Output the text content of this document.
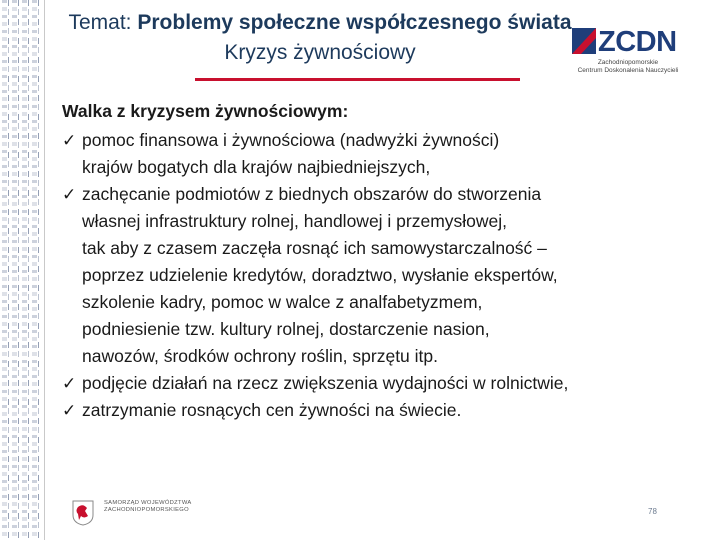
Temat: Problemy społeczne współczesnego świata
Kryzys żywnościowy	ZCDN
Zachodniopomorskie
Centrum Doskonalenia Nauczycieli
Walka z kryzysem żywnościowym:
✓ pomoc finansowa i żywnościowa (nadwyżki żywności)
krajów bogatych dla krajów najbiedniejszych,
✓ zachęcanie podmiotów z biednych obszarów do stworzenia
własnej infrastruktury rolnej, handlowej i przemysłowej,
tak aby z czasem zaczęła rosnąć ich samowystarczalność –
poprzez udzielenie kredytów, doradztwo, wysłanie ekspertów,
szkolenie kadry, pomoc w walce z analfabetyzmem,
podniesienie tzw. kultury rolnej, dostarczenie nasion,
nawozów, środków ochrony roślin, sprzętu itp.
✓ podjęcie działań na rzecz zwiększenia wydajności w rolnictwie,
✓ zatrzymanie rosnących cen żywności na świecie.
SAMORZĄD WOJEWÓDZTWA
ZACHODNIOPOMORSKIEGO	78
